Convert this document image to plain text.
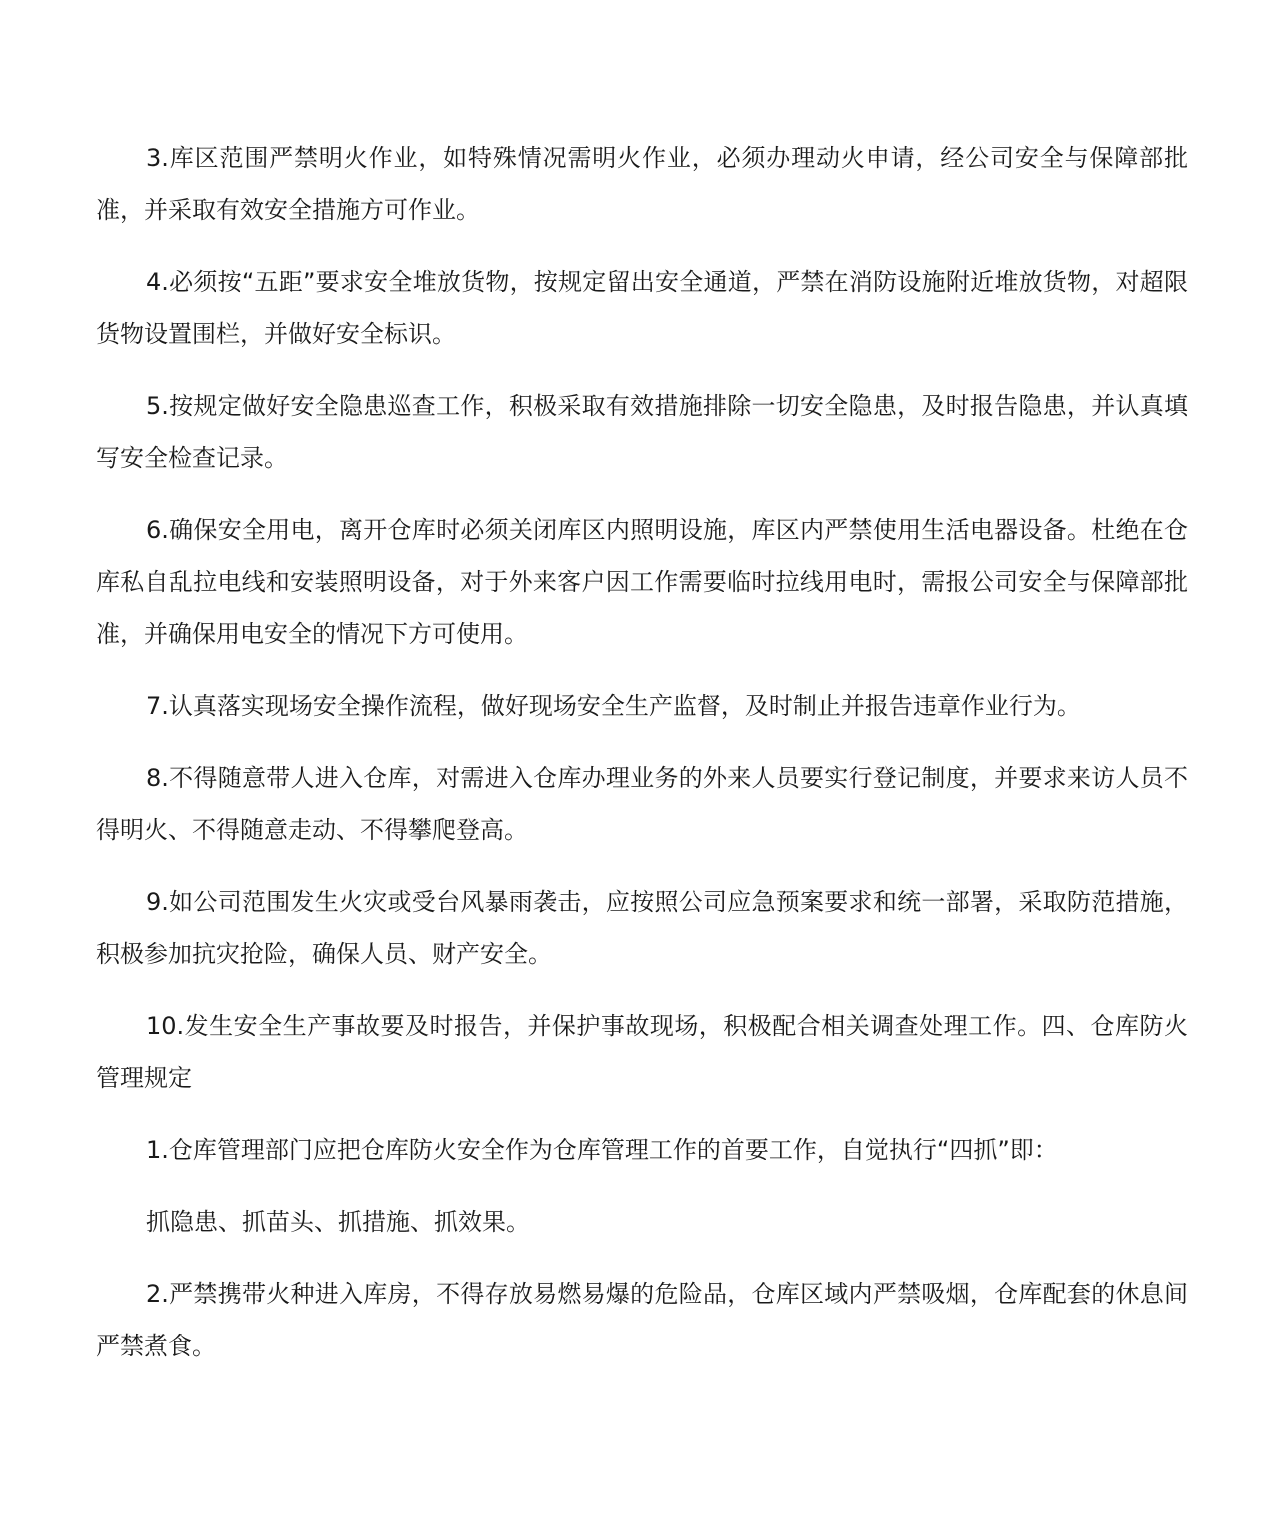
3.库区范围严禁明火作业，如特殊情况需明火作业，必须办理动火申请，经公司安全与保障部批准，并采取有效安全措施方可作业。

4.必须按“五距”要求安全堆放货物，按规定留出安全通道，严禁在消防设施附近堆放货物，对超限货物设置围栏，并做好安全标识。

5.按规定做好安全隐患巡查工作，积极采取有效措施排除一切安全隐患，及时报告隐患，并认真填写安全检查记录。

6.确保安全用电，离开仓库时必须关闭库区内照明设施，库区内严禁使用生活电器设备。杜绝在仓库私自乱拉电线和安装照明设备，对于外来客户因工作需要临时拉线用电时，需报公司安全与保障部批准，并确保用电安全的情况下方可使用。

7.认真落实现场安全操作流程，做好现场安全生产监督，及时制止并报告违章作业行为。

8.不得随意带人进入仓库，对需进入仓库办理业务的外来人员要实行登记制度，并要求来访人员不得明火、不得随意走动、不得攀爬登高。

9.如公司范围发生火灾或受台风暴雨袭击，应按照公司应急预案要求和统一部署，采取防范措施，积极参加抗灾抢险，确保人员、财产安全。

10.发生安全生产事故要及时报告，并保护事故现场，积极配合相关调查处理工作。四、仓库防火管理规定

1.仓库管理部门应把仓库防火安全作为仓库管理工作的首要工作，自觉执行“四抓”即：

抓隐患、抓苗头、抓措施、抓效果。

2.严禁携带火种进入库房，不得存放易燃易爆的危险品，仓库区域内严禁吸烟，仓库配套的休息间严禁煮食。
